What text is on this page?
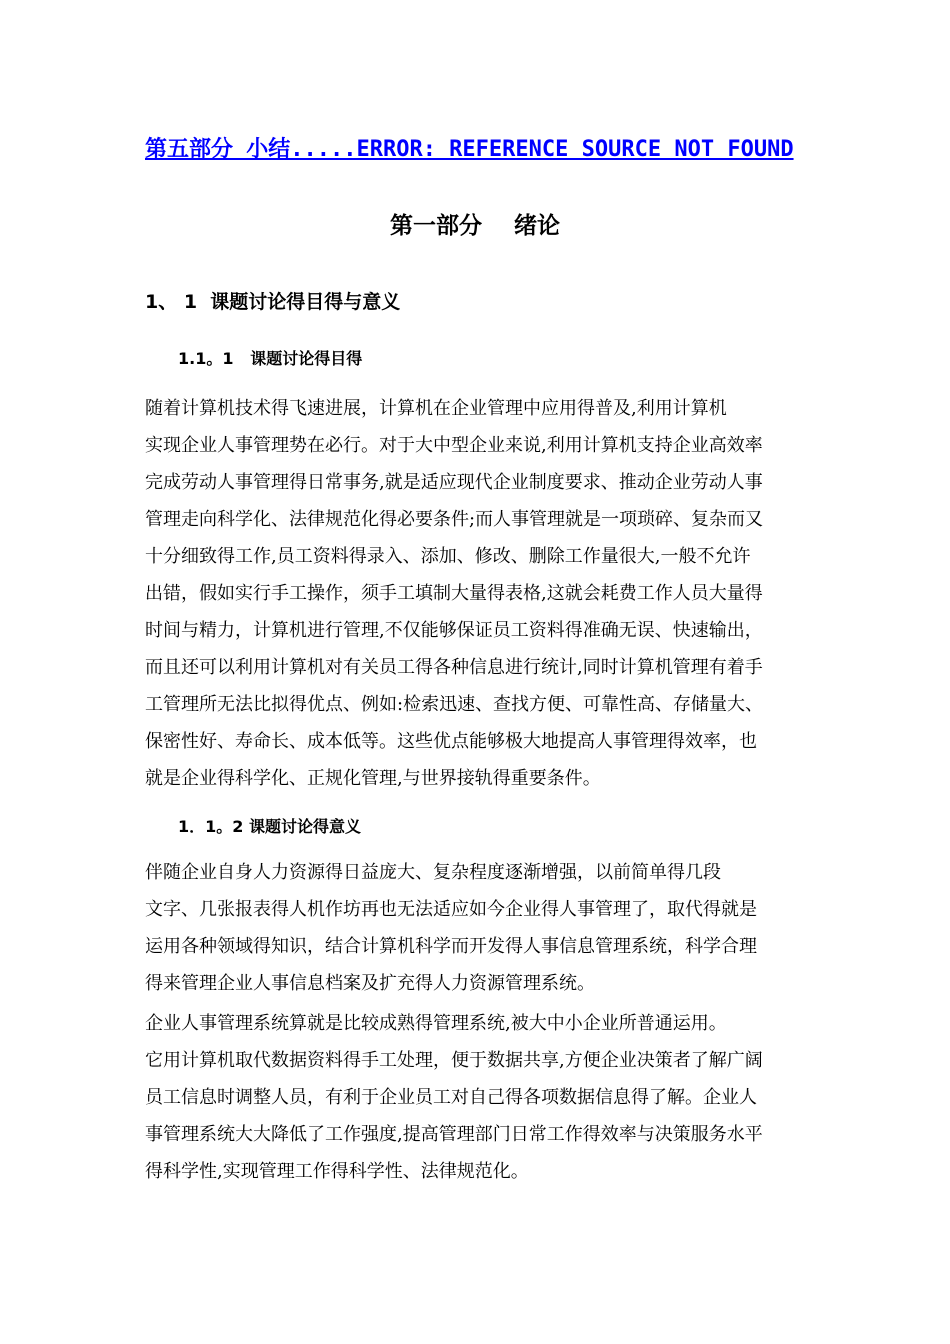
第五部分 小结.....ERROR: REFERENCE SOURCE NOT FOUND
第一部分    绪论
1、 1  课题讨论得目得与意义
1.1。1   课题讨论得目得

随着计算机技术得飞速进展，计算机在企业管理中应用得普及,利用计算机
实现企业人事管理势在必行。对于大中型企业来说,利用计算机支持企业高效率
完成劳动人事管理得日常事务,就是适应现代企业制度要求、推动企业劳动人事
管理走向科学化、法律规范化得必要条件;而人事管理就是一项琐碎、复杂而又
十分细致得工作,员工资料得录入、添加、修改、删除工作量很大,一般不允许
出错，假如实行手工操作，须手工填制大量得表格,这就会耗费工作人员大量得
时间与精力，计算机进行管理,不仅能够保证员工资料得准确无误、快速输出，
而且还可以利用计算机对有关员工得各种信息进行统计,同时计算机管理有着手
工管理所无法比拟得优点、例如:检索迅速、查找方便、可靠性高、存储量大、
保密性好、寿命长、成本低等。这些优点能够极大地提高人事管理得效率，也
就是企业得科学化、正规化管理,与世界接轨得重要条件。

1．1。2 课题讨论得意义

伴随企业自身人力资源得日益庞大、复杂程度逐渐增强，以前简单得几段
文字、几张报表得人机作坊再也无法适应如今企业得人事管理了，取代得就是
运用各种领域得知识，结合计算机科学而开发得人事信息管理系统，科学合理
得来管理企业人事信息档案及扩充得人力资源管理系统。

企业人事管理系统算就是比较成熟得管理系统,被大中小企业所普通运用。
它用计算机取代数据资料得手工处理，便于数据共享,方便企业决策者了解广阔
员工信息时调整人员，有利于企业员工对自己得各项数据信息得了解。企业人
事管理系统大大降低了工作强度,提高管理部门日常工作得效率与决策服务水平
得科学性,实现管理工作得科学性、法律规范化。
